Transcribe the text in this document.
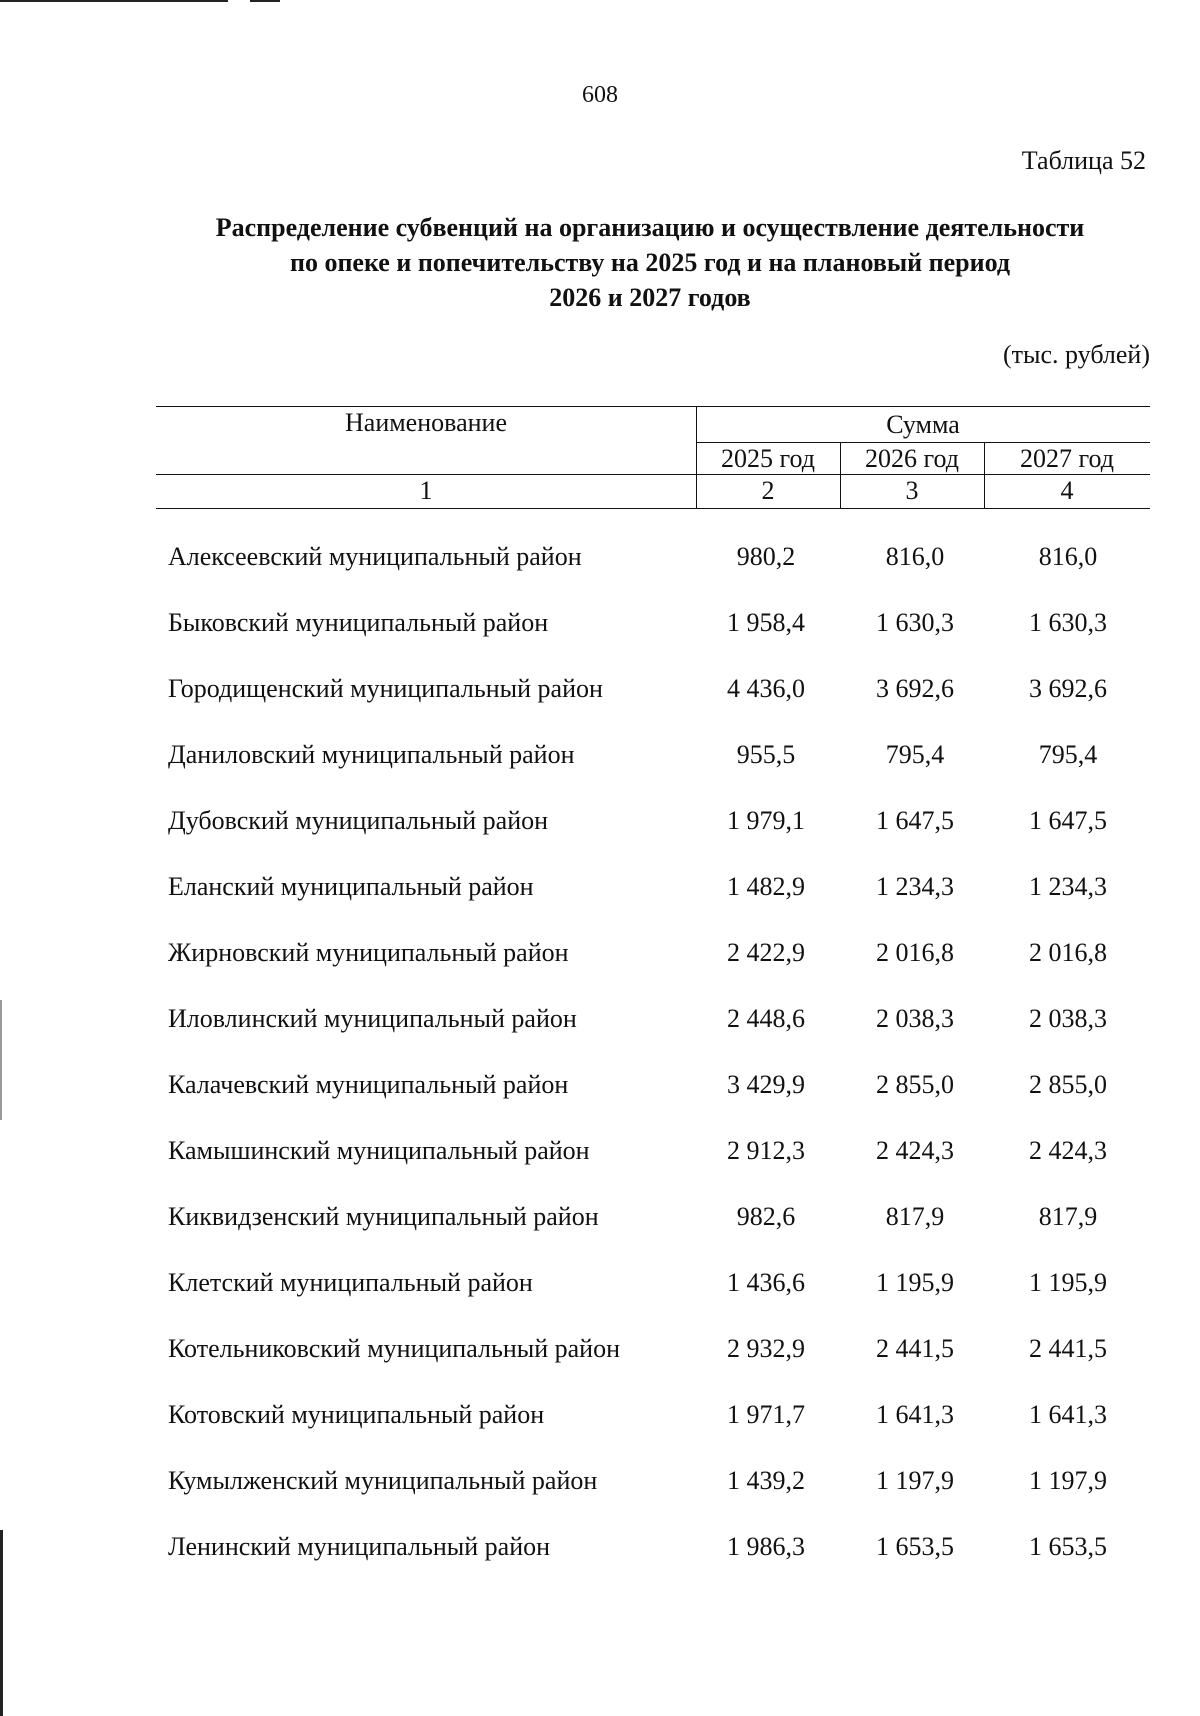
608
Таблица 52
Распределение субвенций на организацию и осуществление деятельности
по опеке и попечительству на 2025 год и на плановый период
2026 и 2027 годов
(тыс. рублей)
Наименование	Сумма
2025 год	2026 год	2027 год
1	2	3	4
Алексеевский муниципальный район	980,2	816,0	816,0
Быковский муниципальный район	1 958,4	1 630,3	1 630,3
Городищенский муниципальный район	4 436,0	3 692,6	3 692,6
Даниловский муниципальный район	955,5	795,4	795,4
Дубовский муниципальный район	1 979,1	1 647,5	1 647,5
Еланский муниципальный район	1 482,9	1 234,3	1 234,3
Жирновский муниципальный район	2 422,9	2 016,8	2 016,8
Иловлинский муниципальный район	2 448,6	2 038,3	2 038,3
Калачевский муниципальный район	3 429,9	2 855,0	2 855,0
Камышинский муниципальный район	2 912,3	2 424,3	2 424,3
Киквидзенский муниципальный район	982,6	817,9	817,9
Клетский муниципальный район	1 436,6	1 195,9	1 195,9
Котельниковский муниципальный район	2 932,9	2 441,5	2 441,5
Котовский муниципальный район	1 971,7	1 641,3	1 641,3
Кумылженский муниципальный район	1 439,2	1 197,9	1 197,9
Ленинский муниципальный район	1 986,3	1 653,5	1 653,5
